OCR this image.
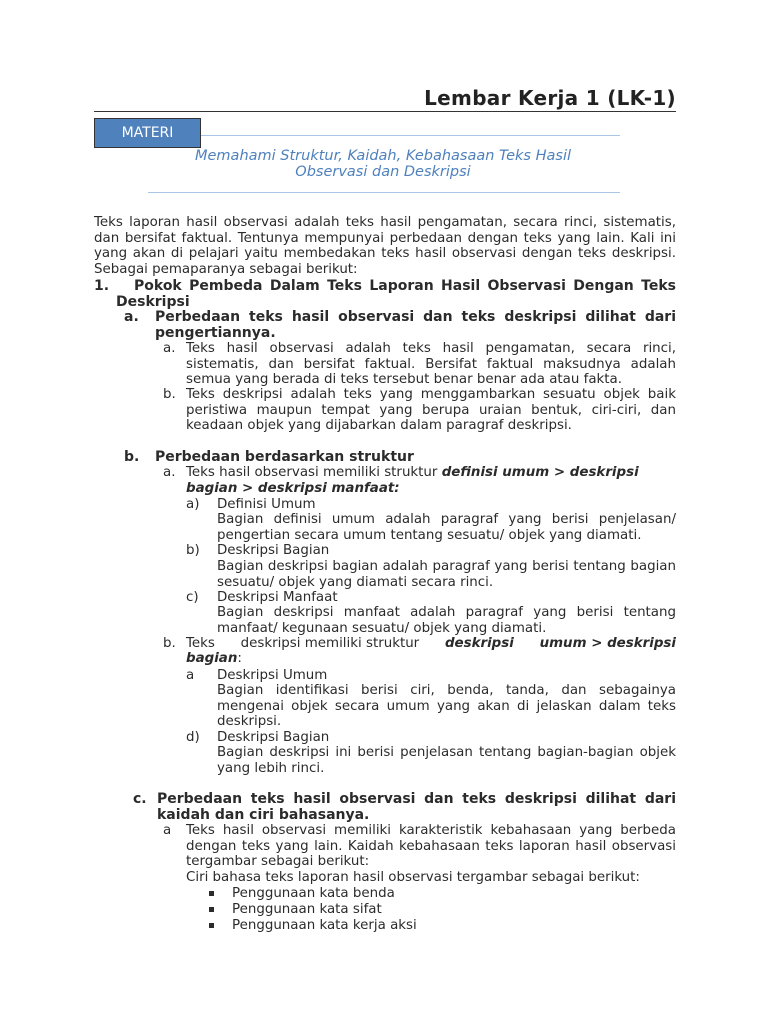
Lembar Kerja 1 (LK-1)
MATERI
Memahami Struktur, Kaidah, Kebahasaan Teks Hasil
Observasi dan Deskripsi
Teks laporan hasil observasi adalah teks hasil pengamatan, secara rinci, sistematis, dan bersifat faktual. Tentunya mempunyai perbedaan dengan teks yang lain. Kali ini yang akan di pelajari yaitu membedakan teks hasil observasi dengan teks deskripsi. Sebagai pemaparanya sebagai berikut:
1.	Pokok Pembeda Dalam Teks Laporan Hasil Observasi Dengan Teks Deskripsi
a. Perbedaan teks hasil observasi dan teks deskripsi dilihat dari pengertiannya.
a. Teks hasil observasi adalah teks hasil pengamatan, secara rinci, sistematis, dan bersifat faktual. Bersifat faktual maksudnya adalah semua yang berada di teks tersebut benar benar ada atau fakta.
b. Teks deskripsi adalah teks yang menggambarkan sesuatu objek baik peristiwa maupun tempat yang berupa uraian bentuk, ciri-ciri, dan keadaan objek yang dijabarkan dalam paragraf deskripsi.
b. Perbedaan berdasarkan struktur
a. Teks hasil observasi memiliki struktur definisi umum > deskripsi
bagian > deskripsi manfaat:
a) Definisi Umum
Bagian definisi umum adalah paragraf yang berisi penjelasan/ pengertian secara umum tentang sesuatu/ objek yang diamati.
b) Deskripsi Bagian
Bagian deskripsi bagian adalah paragraf yang berisi tentang bagian sesuatu/ objek yang diamati secara rinci.
c) Deskripsi Manfaat
Bagian deskripsi manfaat adalah paragraf yang berisi tentang manfaat/ kegunaan sesuatu/ objek yang diamati.
b. Teks deskripsi memiliki struktur deskripsi umum > deskripsi
bagian:
a Deskripsi Umum
Bagian identifikasi berisi ciri, benda, tanda, dan sebagainya mengenai objek secara umum yang akan di jelaskan dalam teks deskripsi.
d) Deskripsi Bagian
Bagian deskripsi ini berisi penjelasan tentang bagian-bagian objek yang lebih rinci.
c. Perbedaan teks hasil observasi dan teks deskripsi dilihat dari kaidah dan ciri bahasanya.
a Teks hasil observasi memiliki karakteristik kebahasaan yang berbeda dengan teks yang lain. Kaidah kebahasaan teks laporan hasil observasi tergambar sebagai berikut:
Ciri bahasa teks laporan hasil observasi tergambar sebagai berikut:
Penggunaan kata benda
Penggunaan kata sifat
Penggunaan kata kerja aksi
